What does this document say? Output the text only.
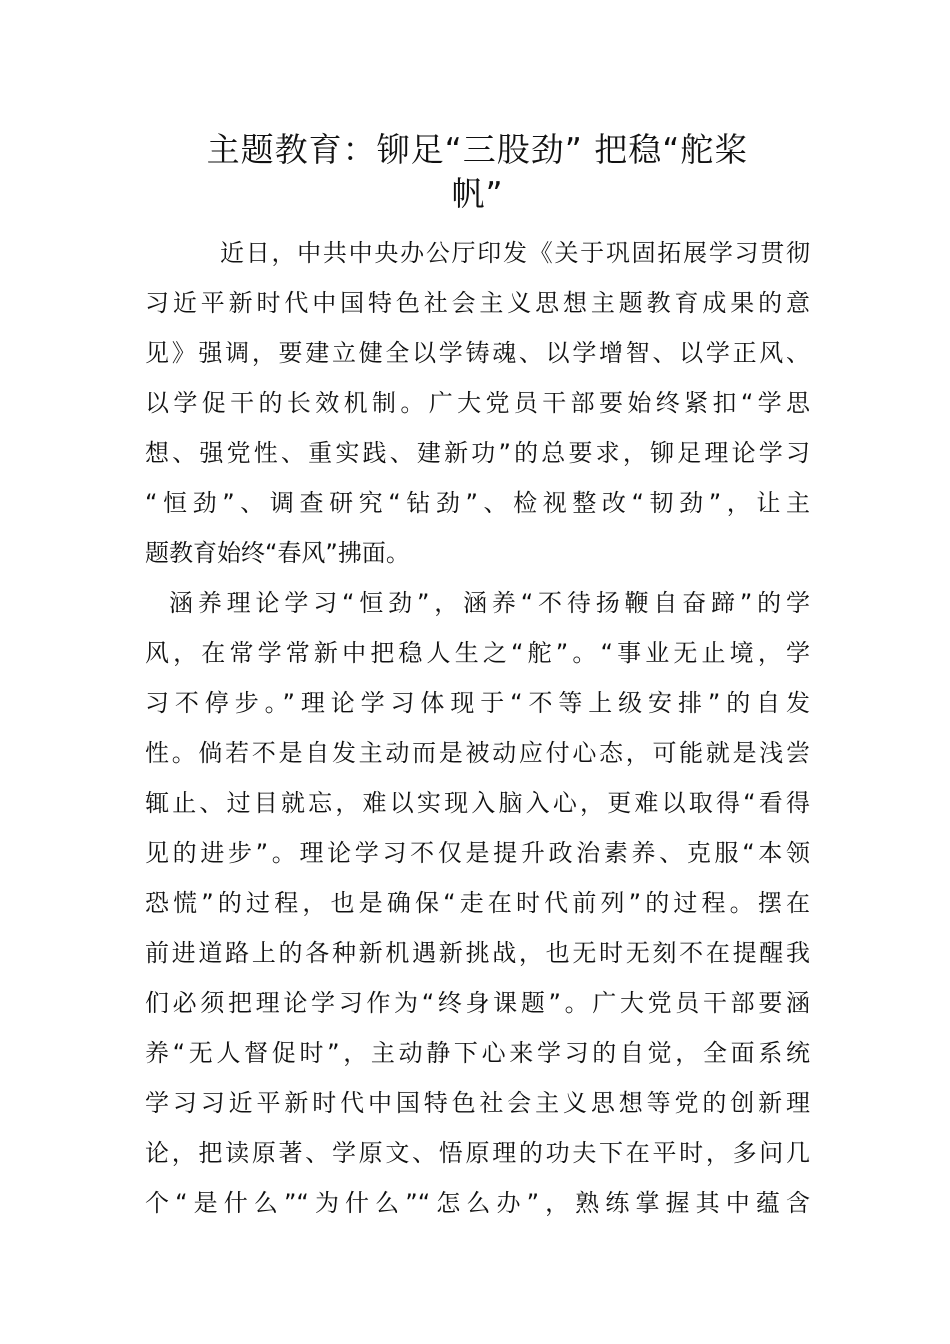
主题教育：铆足“三股劲” 把稳“舵桨
帆”
近日，中共中央办公厅印发《关于巩固拓展学习贯彻
习近平新时代中国特色社会主义思想主题教育成果的意
见》强调，要建立健全以学铸魂、以学增智、以学正风、
以学促干的长效机制。广大党员干部要始终紧扣“学思
想、强党性、重实践、建新功”的总要求，铆足理论学习
“恒劲”、调查研究“钻劲”、检视整改“韧劲”，让主
题教育始终“春风”拂面。
涵养理论学习“恒劲”，涵养“不待扬鞭自奋蹄”的学
风，在常学常新中把稳人生之“舵”。“事业无止境，学
习不停步。”理论学习体现于“不等上级安排”的自发
性。倘若不是自发主动而是被动应付心态，可能就是浅尝
辄止、过目就忘，难以实现入脑入心，更难以取得“看得
见的进步”。理论学习不仅是提升政治素养、克服“本领
恐慌”的过程，也是确保“走在时代前列”的过程。摆在
前进道路上的各种新机遇新挑战，也无时无刻不在提醒我
们必须把理论学习作为“终身课题”。广大党员干部要涵
养“无人督促时”，主动静下心来学习的自觉，全面系统
学习习近平新时代中国特色社会主义思想等党的创新理
论，把读原著、学原文、悟原理的功夫下在平时，多问几
个“是什么”“为什么”“怎么办”，熟练掌握其中蕴含
